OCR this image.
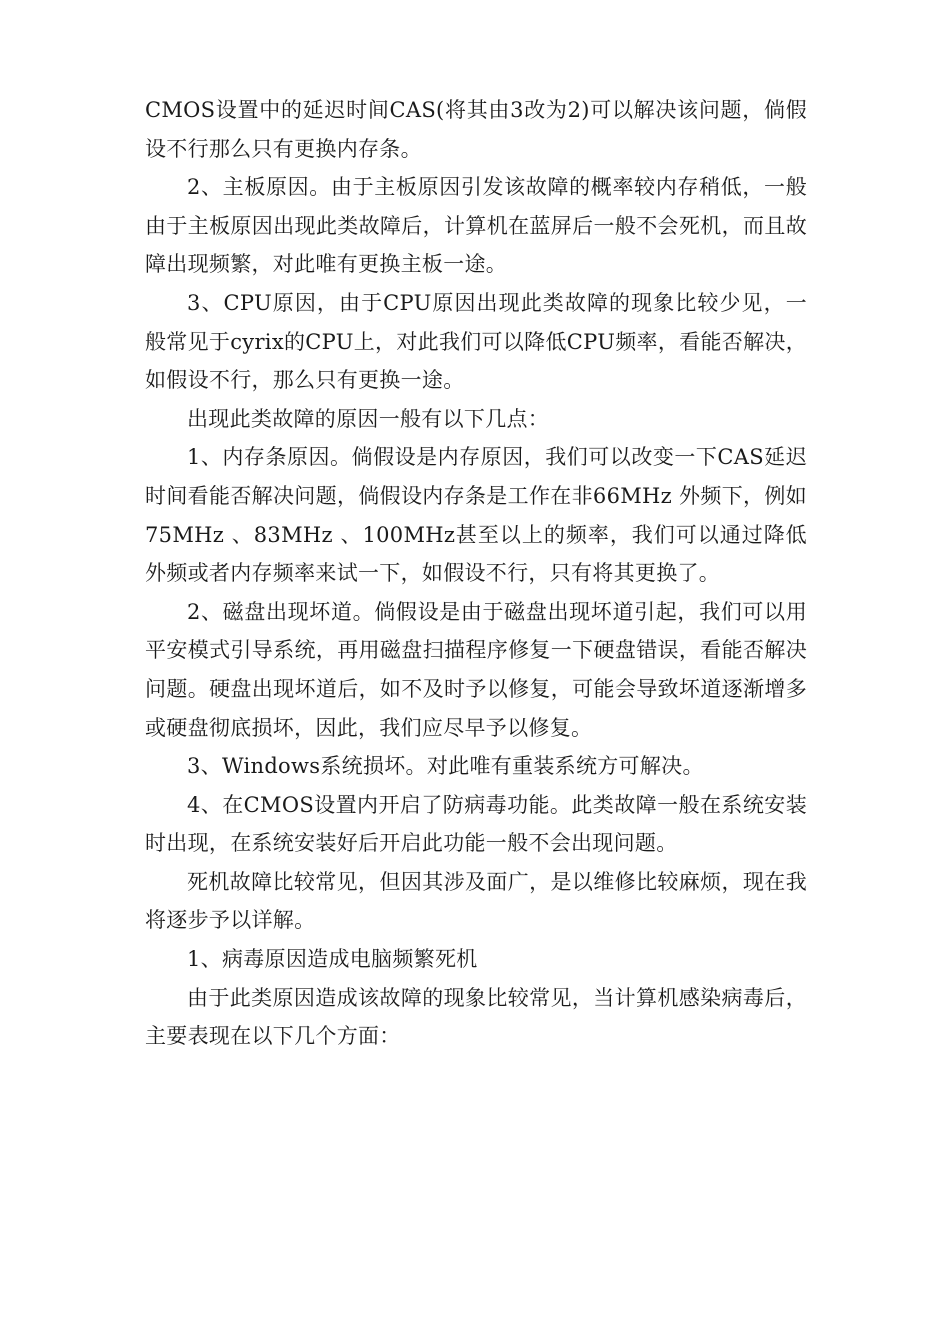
CMOS设置中的延迟时间CAS(将其由3改为2)可以解决该问题，倘假设不行那么只有更换内存条。

2、主板原因。由于主板原因引发该故障的概率较内存稍低，一般由于主板原因出现此类故障后，计算机在蓝屏后一般不会死机，而且故障出现频繁，对此唯有更换主板一途。

3、CPU原因，由于CPU原因出现此类故障的现象比较少见，一般常见于cyrix的CPU上，对此我们可以降低CPU频率，看能否解决，如假设不行，那么只有更换一途。

出现此类故障的原因一般有以下几点：

1、内存条原因。倘假设是内存原因，我们可以改变一下CAS延迟时间看能否解决问题，倘假设内存条是工作在非66MHz 外频下，例如75MHz 、83MHz 、100MHz甚至以上的频率，我们可以通过降低外频或者内存频率来试一下，如假设不行，只有将其更换了。

2、磁盘出现坏道。倘假设是由于磁盘出现坏道引起，我们可以用平安模式引导系统，再用磁盘扫描程序修复一下硬盘错误，看能否解决问题。硬盘出现坏道后，如不及时予以修复，可能会导致坏道逐渐增多或硬盘彻底损坏，因此，我们应尽早予以修复。

3、Windows系统损坏。对此唯有重装系统方可解决。

4、在CMOS设置内开启了防病毒功能。此类故障一般在系统安装时出现，在系统安装好后开启此功能一般不会出现问题。

死机故障比较常见，但因其涉及面广，是以维修比较麻烦，现在我将逐步予以详解。

1、病毒原因造成电脑频繁死机

由于此类原因造成该故障的现象比较常见，当计算机感染病毒后，主要表现在以下几个方面：
